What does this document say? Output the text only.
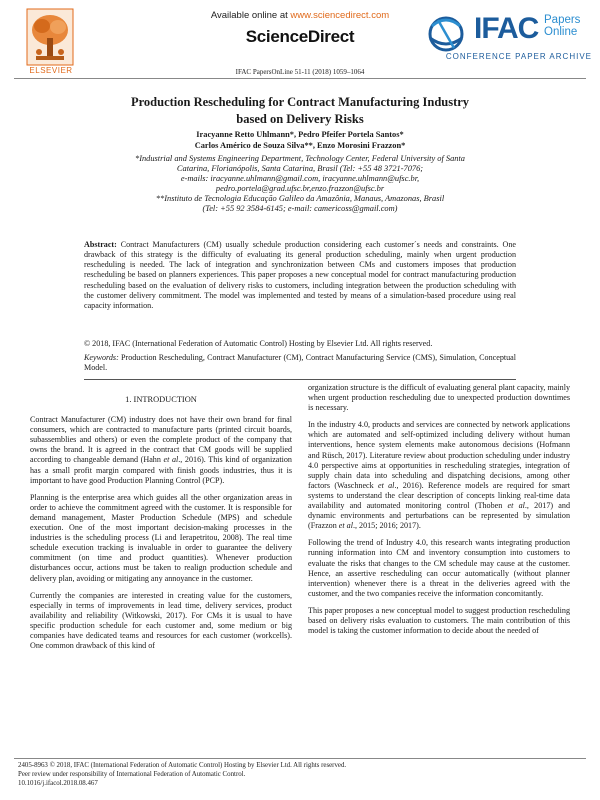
ELSEVIER
Available online at www.sciencedirect.com
ScienceDirect
IFAC PapersOnLine 51-11 (2018) 1059–1064
IFAC Papers
Online
CONFERENCE PAPER ARCHIVE
Production Rescheduling for Contract Manufacturing Industry
based on Delivery Risks
Iracyanne Retto Uhlmann*, Pedro Pfeifer Portela Santos*
Carlos Américo de Souza Silva**, Enzo Morosini Frazzon*
*Industrial and Systems Engineering Department, Technology Center, Federal University of Santa
Catarina, Florianópolis, Santa Catarina, Brasil (Tel: +55 48 3721-7076;
e-mails: iracyanne.uhlmann@gmail.com, iracyanne.uhlmann@ufsc.br,
pedro.portela@grad.ufsc.br,enzo.frazzon@ufsc.br
**Instituto de Tecnologia Educação Galileo da Amazônia, Manaus, Amazonas, Brasil
(Tel: +55 92 3584-6145; e-mail: camericoss@gmail.com)
Abstract: Contract Manufacturers (CM) usually schedule production considering each customer´s needs and constraints. One drawback of this strategy is the difficulty of evaluating its general production scheduling, mainly when urgent production rescheduling is needed. The lack of integration and synchronization between CMs and customers imposes that production rescheduling be based on planners experiences. This paper proposes a new conceptual model for contract manufacturing production rescheduling based on the evaluation of delivery risks to customers, including integration between the production scheduling with the customer delivery commitment. The model was implemented and tested by means of a simulation-based procedure using real capacity information.
© 2018, IFAC (International Federation of Automatic Control) Hosting by Elsevier Ltd. All rights reserved.
Keywords: Production Rescheduling, Contract Manufacturer (CM), Contract Manufacturing Service (CMS), Simulation, Conceptual Model.
1. INTRODUCTION

Contract Manufacturer (CM) industry does not have their own brand for final consumers, which are contracted to manufacture parts (printed circuit boards, subassemblies and others) or even the complete product of the company that owns the brand. It is agreed in the contract that CM goods will be supplied according to changeable demand (Hahn et al., 2016). This kind of organization has a small profit margin compared with finish goods industries, thus it is important to have good Production Planning Control (PCP).

Planning is the enterprise area which guides all the other organization areas in order to achieve the commitment agreed with the customer. It is responsible for demand management, Master Production Schedule (MPS) and schedule execution. One of the most important decision-making processes in the industries is the scheduling process (Li and Ierapetritou, 2008). The real time schedule execution tracking is invaluable in order to guarantee the delivery commitment (on time and product quantities). Whenever production disturbances occur, actions must be taken to realign production schedule and delivery plan, avoiding or mitigating any annoyance in the customer.

Currently the companies are interested in creating value for the customers, especially in terms of improvements in lead time, delivery services, product availability and reliability (Witkowski, 2017). For CMs it is usual to have specific production schedule for each customer and, some medium or big companies have dedicated teams and resources for each customer (workcells). One common drawback of this kind of

organization structure is the difficult of evaluating general plant capacity, mainly when urgent production rescheduling due to unexpected production downtimes is necessary.

In the industry 4.0, products and services are connected by network applications which are automated and self-optimized including delivery without human interventions, hence system elements make autonomous decisions (Hofmann and Rüsch, 2017). Literature review about production scheduling under industry 4.0 perspective aims at opportunities in rescheduling strategies, integration of supply chain data into scheduling and dispatching decisions, among other factors (Waschneck et al., 2016). Reference models are required for smart systems to understand the clear description of concepts linking real-time data availability and automated monitoring control (Thoben et al., 2017) and dynamic environments and perturbations can be represented by simulation (Frazzon et al., 2015; 2016; 2017).

Following the trend of Industry 4.0, this research wants integrating production running information into CM and inventory consumption into customers to evaluate the risks that changes to the CM schedule may cause at the customer. Hence, an assertive rescheduling can occur automatically (without planner intervention) whenever there is a threat in the deliveries agreed with the customer, and the two companies receive the information concomitantly.

This paper proposes a new conceptual model to suggest production rescheduling based on delivery risks evaluation to customers. The main contribution of this model is taking the customer information to decide about the needed of

2405-8963 © 2018, IFAC (International Federation of Automatic Control) Hosting by Elsevier Ltd. All rights reserved.
Peer review under responsibility of International Federation of Automatic Control.
10.1016/j.ifacol.2018.08.467
